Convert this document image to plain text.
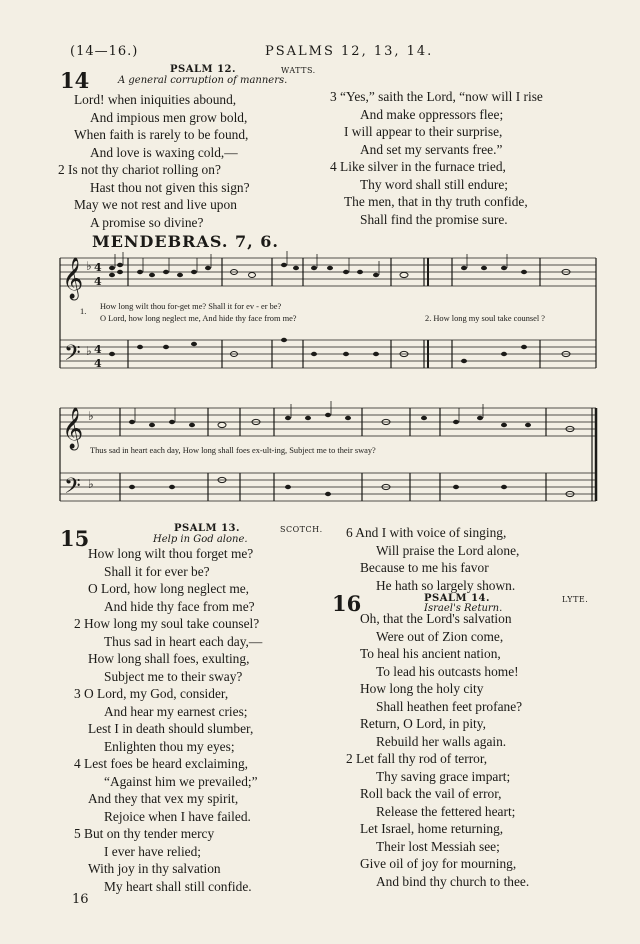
(14—16.)	PSALMS 12, 13, 14.
14	PSALM 12.	WATTS.
A general corruption of manners.
Lord! when iniquities abound,
And impious men grow bold,
When faith is rarely to be found,
And love is waxing cold,—
2 Is not thy chariot rolling on?
Hast thou not given this sign?
May we not rest and live upon
A promise so divine?
3 “Yes,” saith the Lord, “now will I rise
And make oppressors flee;
I will appear to their surprise,
And set my servants free.”
4 Like silver in the furnace tried,
Thy word shall still endure;
The men, that in thy truth confide,
Shall find the promise sure.
MENDEBRAS. 7, 6.
𝄞
𝄢
𝄞
𝄢
♭
♭
♭
♭
4
4
4
4
1.
How long wilt thou for-get me? Shall it for ev - er be?
O Lord, how long neglect me, And hide thy face from me?	2. How long my soul take counsel ?
Thus sad in heart each day, How long shall foes ex-ult-ing, Subject me to their sway?
15	PSALM 13.	SCOTCH.
Help in God alone.
How long wilt thou forget me?
Shall it for ever be?
O Lord, how long neglect me,
And hide thy face from me?
2 How long my soul take counsel?
Thus sad in heart each day,—
How long shall foes, exulting,
Subject me to their sway?
3 O Lord, my God, consider,
And hear my earnest cries;
Lest I in death should slumber,
Enlighten thou my eyes;
4 Lest foes be heard exclaiming,
“Against him we prevailed;”
And they that vex my spirit,
Rejoice when I have failed.
5 But on thy tender mercy
I ever have relied;
With joy in thy salvation
My heart shall still confide.
6 And I with voice of singing,
Will praise the Lord alone,
Because to me his favor
He hath so largely shown.
16	PSALM 14.	LYTE.
Israel's Return.
Oh, that the Lord's salvation
Were out of Zion come,
To heal his ancient nation,
To lead his outcasts home!
How long the holy city
Shall heathen feet profane?
Return, O Lord, in pity,
Rebuild her walls again.
2 Let fall thy rod of terror,
Thy saving grace impart;
Roll back the vail of error,
Release the fettered heart;
Let Israel, home returning,
Their lost Messiah see;
Give oil of joy for mourning,
And bind thy church to thee.
16
